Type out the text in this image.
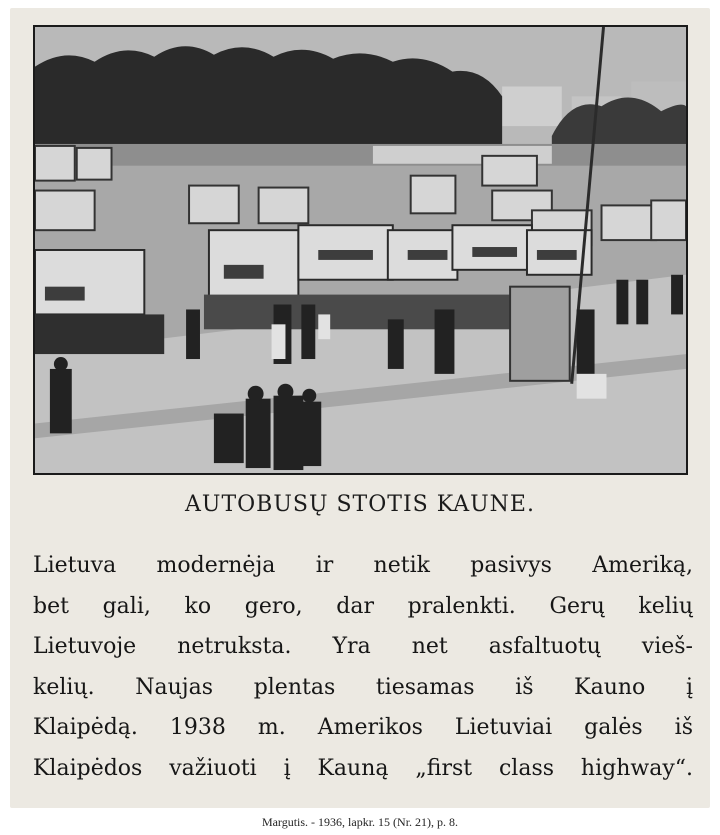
AUTOBUSŲ STOTIS KAUNE.
Lietuva modernėja ir netik pasivys Ameriką,
bet gali, ko gero, dar pralenkti. Gerų kelių
Lietuvoje netruksta. Yra net asfaltuotų vieš-
kelių. Naujas plentas tiesamas iš Kauno į
Klaipėdą. 1938 m. Amerikos Lietuviai galės iš
Klaipėdos važiuoti į Kauną „first class highway“.
Margutis. - 1936, lapkr. 15 (Nr. 21), p. 8.
